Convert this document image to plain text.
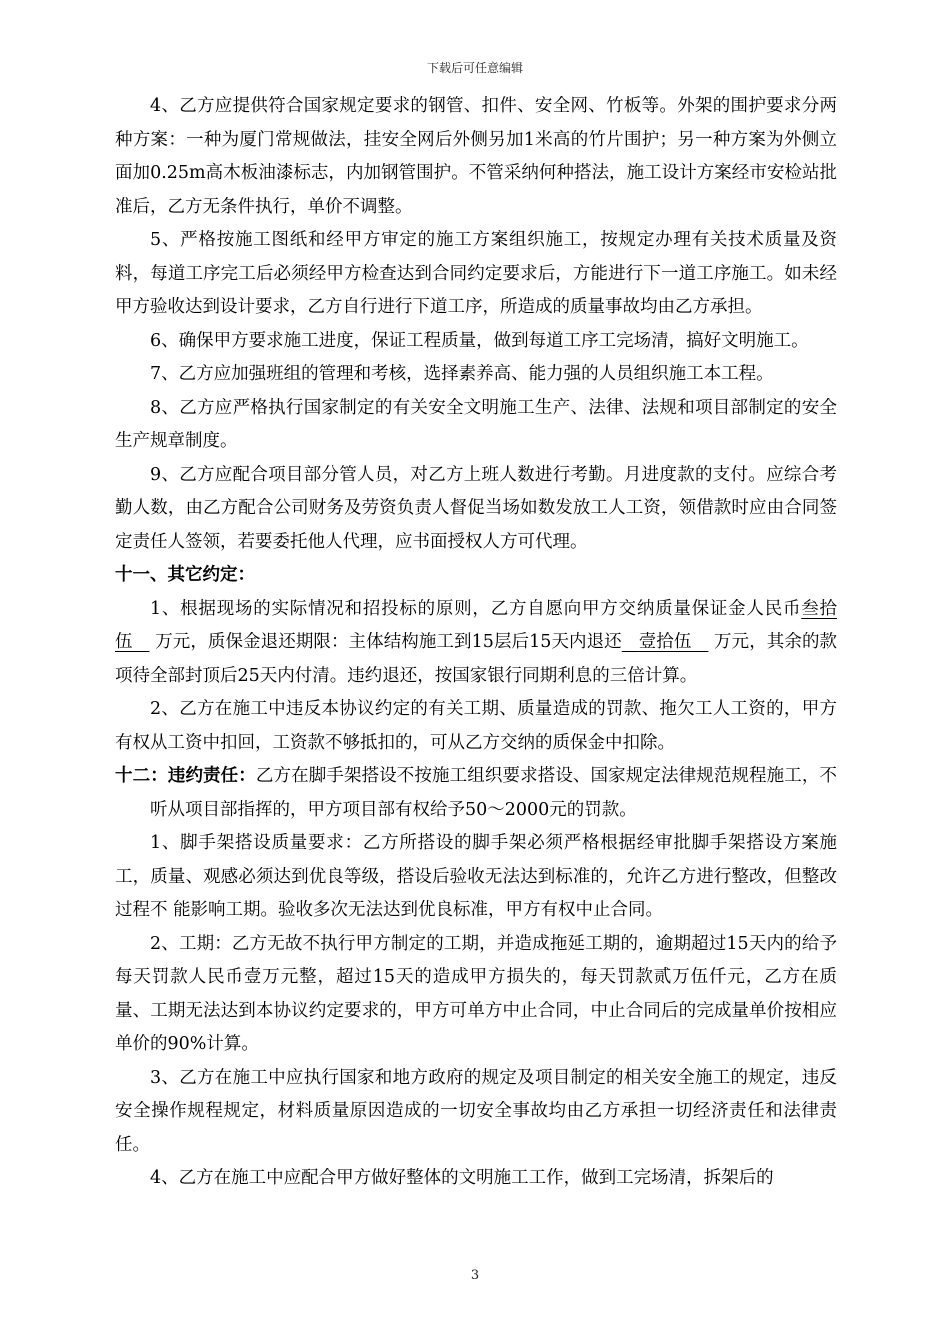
下载后可任意编辑

4、乙方应提供符合国家规定要求的钢管、扣件、安全网、竹板等。外架的围护要求分两种方案：一种为厦门常规做法，挂安全网后外侧另加1米高的竹片围护；另一种方案为外侧立面加0.25m高木板油漆标志，内加钢管围护。不管采纳何种搭法，施工设计方案经市安检站批准后，乙方无条件执行，单价不调整。

5、严格按施工图纸和经甲方审定的施工方案组织施工，按规定办理有关技术质量及资料，每道工序完工后必须经甲方检查达到合同约定要求后，方能进行下一道工序施工。如未经甲方验收达到设计要求，乙方自行进行下道工序，所造成的质量事故均由乙方承担。

6、确保甲方要求施工进度，保证工程质量，做到每道工序工完场清，搞好文明施工。

7、乙方应加强班组的管理和考核，选择素养高、能力强的人员组织施工本工程。

8、乙方应严格执行国家制定的有关安全文明施工生产、法律、法规和项目部制定的安全生产规章制度。

9、乙方应配合项目部分管人员，对乙方上班人数进行考勤。月进度款的支付。应综合考勤人数，由乙方配合公司财务及劳资负责人督促当场如数发放工人工资，领借款时应由合同签定责任人签领，若要委托他人代理，应书面授权人方可代理。

十一、其它约定：

1、根据现场的实际情况和招投标的原则，乙方自愿向甲方交纳质量保证金人民币叁拾伍 万元，质保金退还期限：主体结构施工到15层后15天内退还 壹拾伍 万元，其余的款项待全部封顶后25天内付清。违约退还，按国家银行同期利息的三倍计算。

2、乙方在施工中违反本协议约定的有关工期、质量造成的罚款、拖欠工人工资的，甲方有权从工资中扣回，工资款不够抵扣的，可从乙方交纳的质保金中扣除。

十二：违约责任：乙方在脚手架搭设不按施工组织要求搭设、国家规定法律规范规程施工，不听从项目部指挥的，甲方项目部有权给予50～2000元的罚款。

1、脚手架搭设质量要求：乙方所搭设的脚手架必须严格根据经审批脚手架搭设方案施工，质量、观感必须达到优良等级，搭设后验收无法达到标准的，允许乙方进行整改，但整改过程不 能影响工期。验收多次无法达到优良标准，甲方有权中止合同。

2、工期：乙方无故不执行甲方制定的工期，并造成拖延工期的，逾期超过15天内的给予每天罚款人民币壹万元整，超过15天的造成甲方损失的，每天罚款贰万伍仟元，乙方在质量、工期无法达到本协议约定要求的，甲方可单方中止合同，中止合同后的完成量单价按相应单价的90%计算。

3、乙方在施工中应执行国家和地方政府的规定及项目制定的相关安全施工的规定，违反安全操作规程规定，材料质量原因造成的一切安全事故均由乙方承担一切经济责任和法律责任。

4、乙方在施工中应配合甲方做好整体的文明施工工作，做到工完场清，拆架后的

3
